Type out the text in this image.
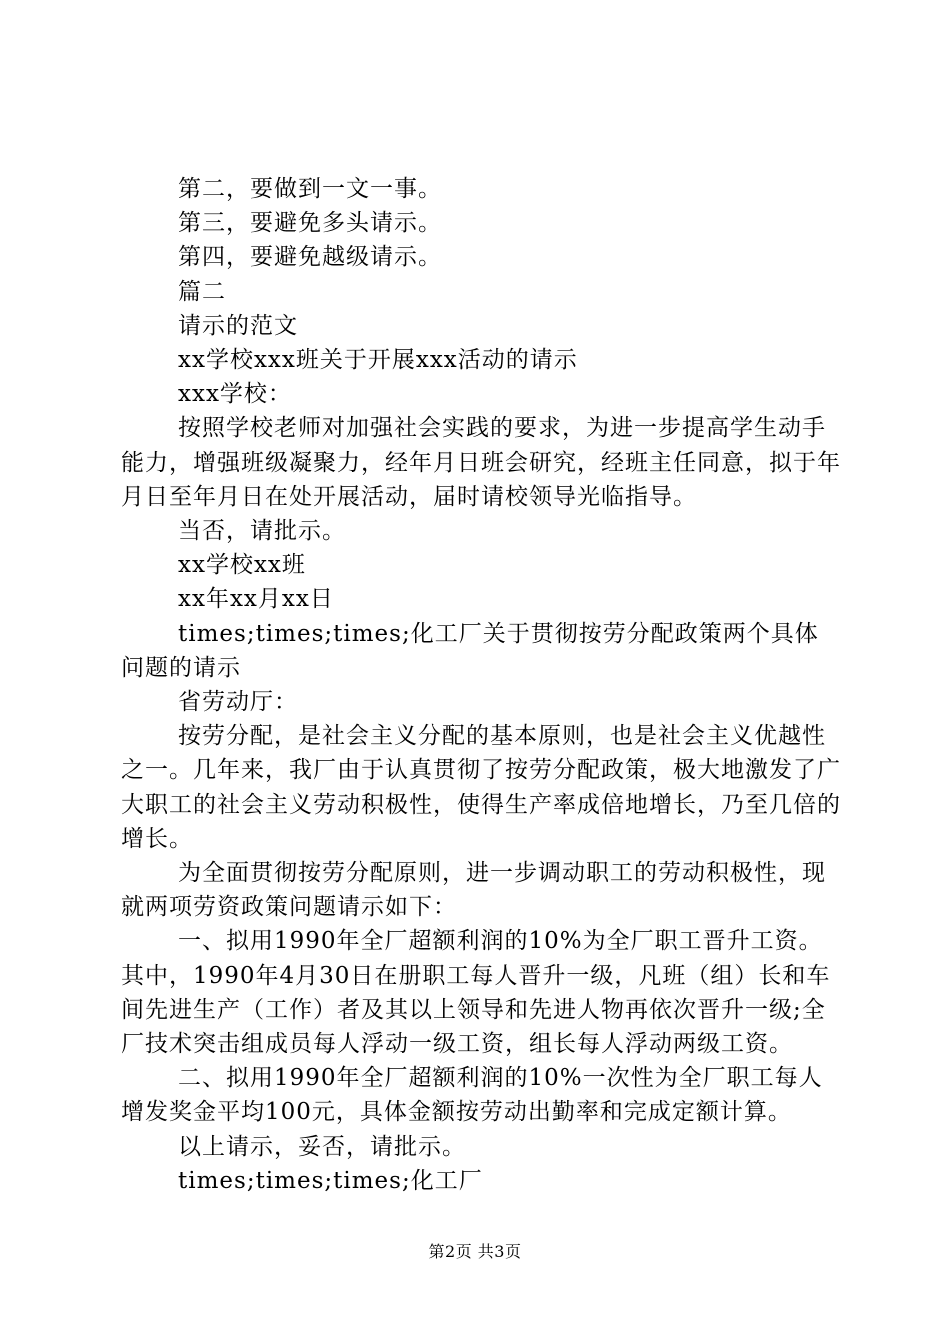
第二，要做到一文一事。

第三，要避免多头请示。

第四，要避免越级请示。

篇二

请示的范文

xx学校xxx班关于开展xxx活动的请示

xxx学校：

按照学校老师对加强社会实践的要求，为进一步提高学生动手能力，增强班级凝聚力，经年月日班会研究，经班主任同意，拟于年月日至年月日在处开展活动，届时请校领导光临指导。

当否，请批示。

xx学校xx班

xx年xx月xx日

times;times;times;化工厂关于贯彻按劳分配政策两个具体问题的请示

省劳动厅：

按劳分配，是社会主义分配的基本原则，也是社会主义优越性之一。几年来，我厂由于认真贯彻了按劳分配政策，极大地激发了广大职工的社会主义劳动积极性，使得生产率成倍地增长，乃至几倍的增长。

为全面贯彻按劳分配原则，进一步调动职工的劳动积极性，现就两项劳资政策问题请示如下：

一、拟用1990年全厂超额利润的10%为全厂职工晋升工资。其中，1990年4月30日在册职工每人晋升一级，凡班（组）长和车间先进生产（工作）者及其以上领导和先进人物再依次晋升一级;全厂技术突击组成员每人浮动一级工资，组长每人浮动两级工资。

二、拟用1990年全厂超额利润的10%一次性为全厂职工每人增发奖金平均100元，具体金额按劳动出勤率和完成定额计算。

以上请示，妥否，请批示。

times;times;times;化工厂

第2页 共3页
